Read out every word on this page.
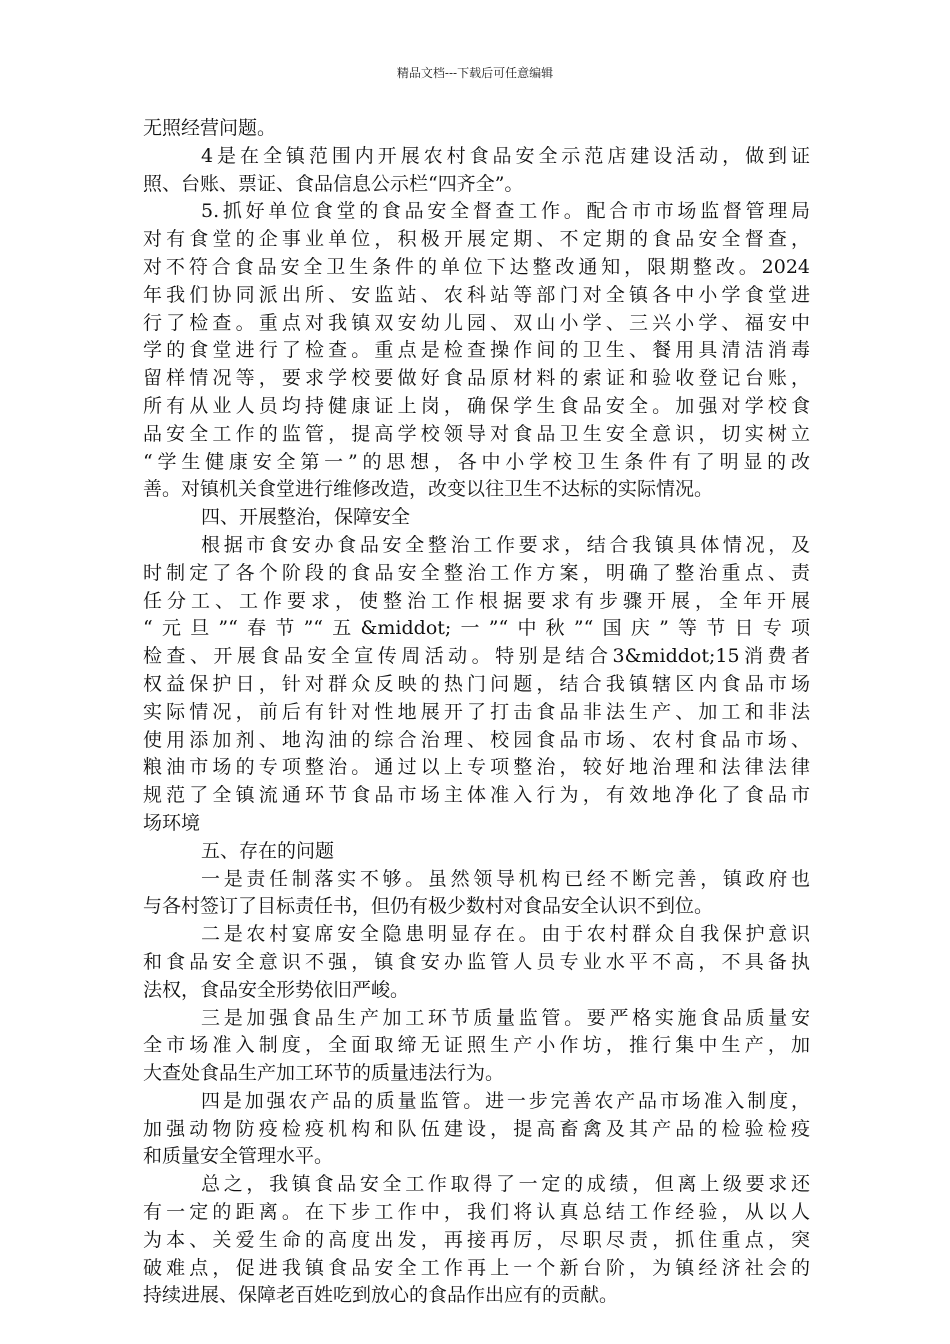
精品文档---下载后可任意编辑
无照经营问题。
4是在全镇范围内开展农村食品安全示范店建设活动，做到证
照、台账、票证、食品信息公示栏“四齐全”。
5.抓好单位食堂的食品安全督查工作。配合市市场监督管理局
对有食堂的企事业单位，积极开展定期、不定期的食品安全督查，
对不符合食品安全卫生条件的单位下达整改通知，限期整改。2024
年我们协同派出所、安监站、农科站等部门对全镇各中小学食堂进
行了检查。重点对我镇双安幼儿园、双山小学、三兴小学、福安中
学的食堂进行了检查。重点是检查操作间的卫生、餐用具清洁消毒
留样情况等，要求学校要做好食品原材料的索证和验收登记台账，
所有从业人员均持健康证上岗，确保学生食品安全。加强对学校食
品安全工作的监管，提高学校领导对食品卫生安全意识，切实树立
“学生健康安全第一”的思想，各中小学校卫生条件有了明显的改
善。对镇机关食堂进行维修改造，改变以往卫生不达标的实际情况。
四、开展整治，保障安全
根据市食安办食品安全整治工作要求，结合我镇具体情况，及
时制定了各个阶段的食品安全整治工作方案，明确了整治重点、责
任分工、工作要求，使整治工作根据要求有步骤开展，全年开展
“元旦”“春节”“五&middot;一”“中秋”“国庆”等节日专项
检查、开展食品安全宣传周活动。特别是结合3&middot;15消费者
权益保护日，针对群众反映的热门问题，结合我镇辖区内食品市场
实际情况，前后有针对性地展开了打击食品非法生产、加工和非法
使用添加剂、地沟油的综合治理、校园食品市场、农村食品市场、
粮油市场的专项整治。通过以上专项整治，较好地治理和法律法律
规范了全镇流通环节食品市场主体准入行为，有效地净化了食品市
场环境
五、存在的问题
一是责任制落实不够。虽然领导机构已经不断完善，镇政府也
与各村签订了目标责任书，但仍有极少数村对食品安全认识不到位。
二是农村宴席安全隐患明显存在。由于农村群众自我保护意识
和食品安全意识不强，镇食安办监管人员专业水平不高，不具备执
法权，食品安全形势依旧严峻。
三是加强食品生产加工环节质量监管。要严格实施食品质量安
全市场准入制度，全面取缔无证照生产小作坊，推行集中生产，加
大查处食品生产加工环节的质量违法行为。
四是加强农产品的质量监管。进一步完善农产品市场准入制度，
加强动物防疫检疫机构和队伍建设，提高畜禽及其产品的检验检疫
和质量安全管理水平。
总之，我镇食品安全工作取得了一定的成绩，但离上级要求还
有一定的距离。在下步工作中，我们将认真总结工作经验，从以人
为本、关爱生命的高度出发，再接再厉，尽职尽责，抓住重点，突
破难点，促进我镇食品安全工作再上一个新台阶，为镇经济社会的
持续进展、保障老百姓吃到放心的食品作出应有的贡献。
